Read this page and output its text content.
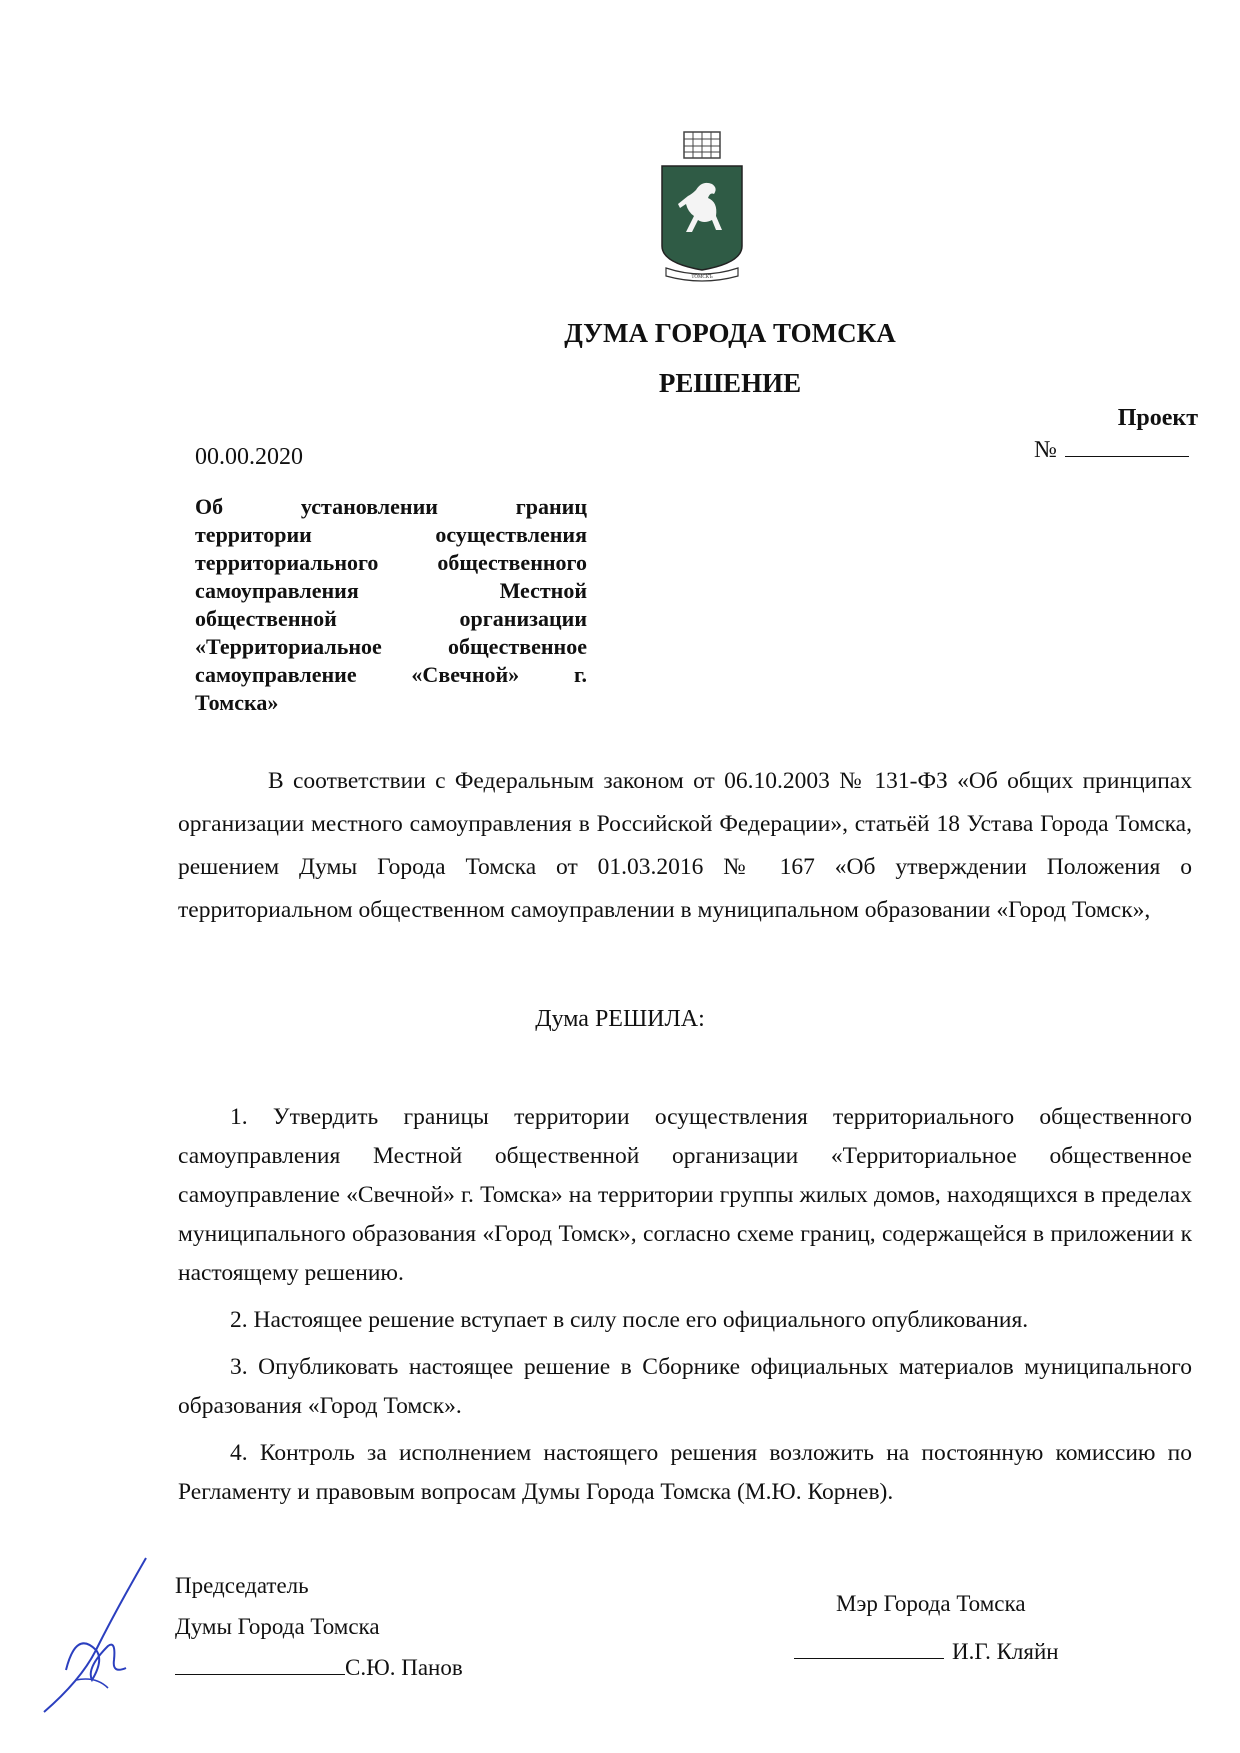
ТОМСКЪ
ДУМА ГОРОДА ТОМСКА
РЕШЕНИЕ
Проект
№
00.00.2020
Об установлении границ
территории осуществления
территориального общественного
самоуправления Местной
общественной организации
«Территориальное общественное
самоуправление «Свечной» г.
Томска»

В соответствии с Федеральным законом от 06.10.2003 № 131-ФЗ «Об общих принципах организации местного самоуправления в Российской Федерации», статьёй 18 Устава Города Томска, решением Думы Города Томска от 01.03.2016 № 167 «Об утверждении Положения о территориальном общественном самоуправлении в муниципальном образовании «Город Томск»,

Дума РЕШИЛА:

1. Утвердить границы территории осуществления территориального общественного самоуправления Местной общественной организации «Территориальное общественное самоуправление «Свечной» г. Томска» на территории группы жилых домов, находящихся в пределах муниципального образования «Город Томск», согласно схеме границ, содержащейся в приложении к настоящему решению.

2. Настоящее решение вступает в силу после его официального опубликования.

3. Опубликовать настоящее решение в Сборнике официальных материалов муниципального образования «Город Томск».

4. Контроль за исполнением настоящего решения возложить на постоянную комиссию по Регламенту и правовым вопросам Думы Города Томска (М.Ю. Корнев).

Председатель
Думы Города Томска
С.Ю. Панов
Мэр Города Томска
И.Г. Кляйн
